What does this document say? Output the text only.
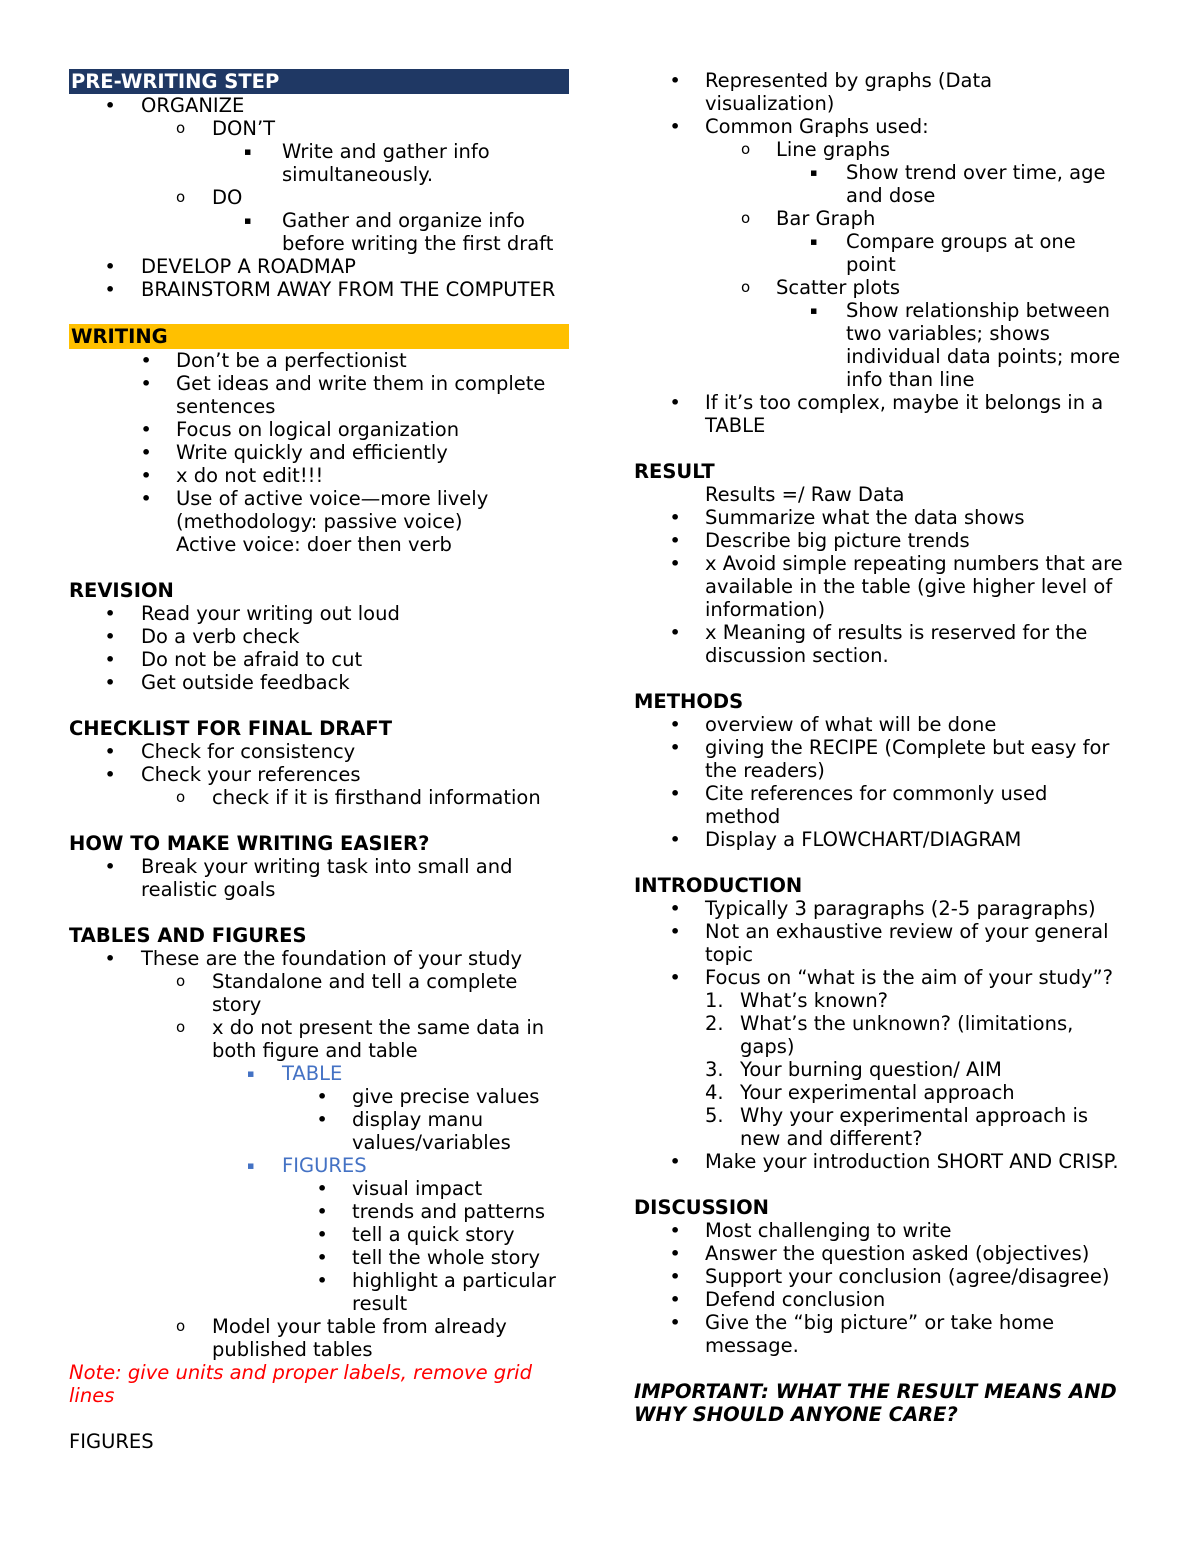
PRE-WRITING STEP
• ORGANIZE
o DON’T
▪ Write and gather info
simultaneously.
o DO
▪ Gather and organize info
before writing the first draft
• DEVELOP A ROADMAP
• BRAINSTORM AWAY FROM THE COMPUTER
WRITING
• Don’t be a perfectionist
• Get ideas and write them in complete
sentences
• Focus on logical organization
• Write quickly and efficiently
• x do not edit!!!
• Use of active voice—more lively
(methodology: passive voice)
Active voice: doer then verb
REVISION
• Read your writing out loud
• Do a verb check
• Do not be afraid to cut
• Get outside feedback
CHECKLIST FOR FINAL DRAFT
• Check for consistency
• Check your references
o check if it is firsthand information
HOW TO MAKE WRITING EASIER?
• Break your writing task into small and
realistic goals
TABLES AND FIGURES
• These are the foundation of your study
o Standalone and tell a complete
story
o x do not present the same data in
both figure and table
▪ TABLE
• give precise values
• display manu
values/variables
▪ FIGURES
• visual impact
• trends and patterns
• tell a quick story
• tell the whole story
• highlight a particular
result
o Model your table from already
published tables
Note: give units and proper labels, remove grid
lines
FIGURES
• Represented by graphs (Data
visualization)
• Common Graphs used:
o Line graphs
▪ Show trend over time, age
and dose
o Bar Graph
▪ Compare groups at one
point
o Scatter plots
▪ Show relationship between
two variables; shows
individual data points; more
info than line
• If it’s too complex, maybe it belongs in a
TABLE
RESULT
Results =/ Raw Data
• Summarize what the data shows
• Describe big picture trends
• x Avoid simple repeating numbers that are
available in the table (give higher level of
information)
• x Meaning of results is reserved for the
discussion section.
METHODS
• overview of what will be done
• giving the RECIPE (Complete but easy for
the readers)
• Cite references for commonly used
method
• Display a FLOWCHART/DIAGRAM
INTRODUCTION
• Typically 3 paragraphs (2-5 paragraphs)
• Not an exhaustive review of your general
topic
• Focus on “what is the aim of your study”?
1. What’s known?
2. What’s the unknown? (limitations,
gaps)
3. Your burning question/ AIM
4. Your experimental approach
5. Why your experimental approach is
new and different?
• Make your introduction SHORT AND CRISP.
DISCUSSION
• Most challenging to write
• Answer the question asked (objectives)
• Support your conclusion (agree/disagree)
• Defend conclusion
• Give the “big picture” or take home
message.
IMPORTANT: WHAT THE RESULT MEANS AND
WHY SHOULD ANYONE CARE?
